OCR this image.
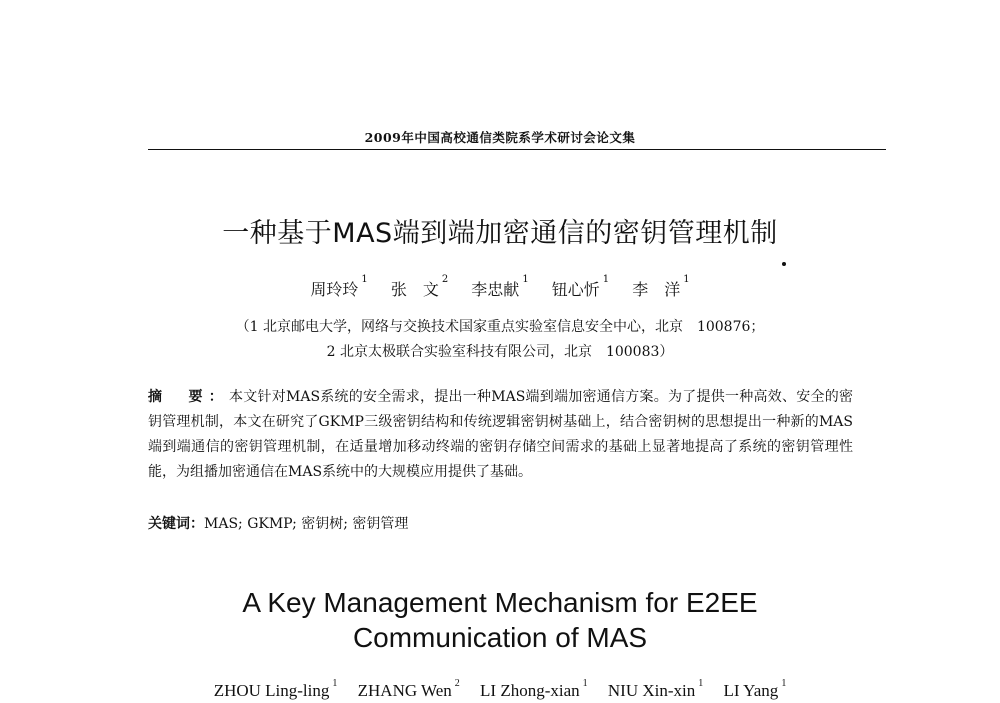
2009年中国高校通信类院系学术研讨会论文集
一种基于MAS端到端加密通信的密钥管理机制
周玲玲$^1$ 张　文$^2$ 李忠献$^1$ 钮心忻$^1$ 李　洋$^1$
（1 北京邮电大学，网络与交换技术国家重点实验室信息安全中心，北京　100876；
2 北京太极联合实验室科技有限公司，北京　100083）
摘　要：本文针对MAS系统的安全需求，提出一种MAS端到端加密通信方案。为了提供一种高效、安全的密钥管理机制，本文在研究了GKMP三级密钥结构和传统逻辑密钥树基础上，结合密钥树的思想提出一种新的MAS端到端通信的密钥管理机制，在适量增加移动终端的密钥存储空间需求的基础上显著地提高了系统的密钥管理性能，为组播加密通信在MAS系统中的大规模应用提供了基础。
关键词：MAS; GKMP; 密钥树; 密钥管理
A Key Management Mechanism for E2EE
Communication of MAS
ZHOU Ling-ling $^1$ ZHANG Wen $^2$ LI Zhong-xian $^1$ NIU Xin-xin $^1$ LI Yang $^1$
